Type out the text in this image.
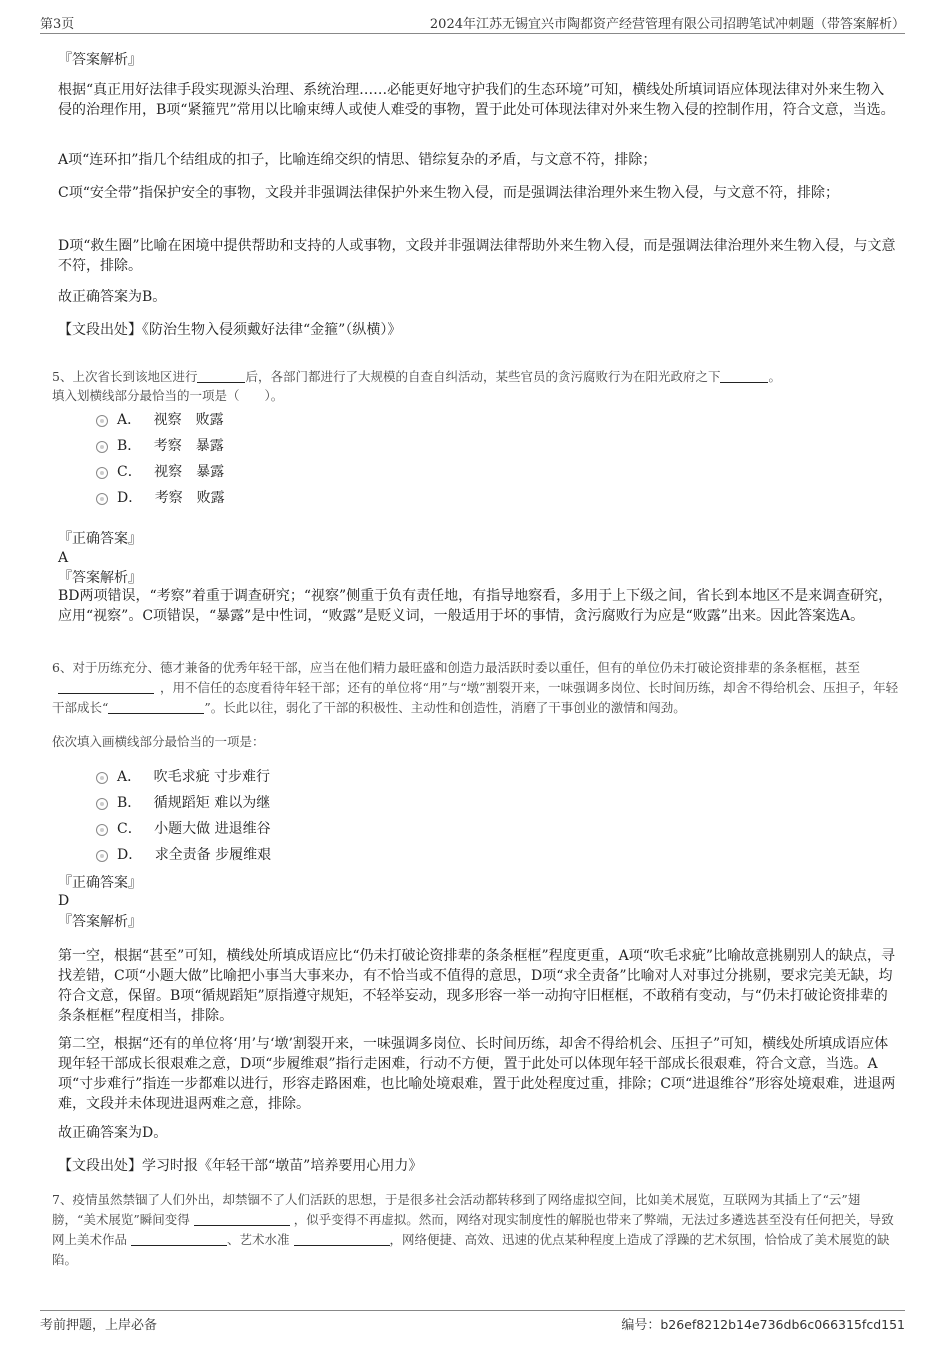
第3页	2024年江苏无锡宜兴市陶都资产经营管理有限公司招聘笔试冲刺题（带答案解析）
『答案解析』
根据“真正用好法律手段实现源头治理、系统治理……必能更好地守护我们的生态环境”可知，横线处所填词语应体现法律对外来生物入侵的治理作用，B项“紧箍咒”常用以比喻束缚人或使人难受的事物，置于此处可体现法律对外来生物入侵的控制作用，符合文意，当选。
A项“连环扣”指几个结组成的扣子，比喻连绵交织的情思、错综复杂的矛盾，与文意不符，排除；
C项“安全带”指保护安全的事物，文段并非强调法律保护外来生物入侵，而是强调法律治理外来生物入侵，与文意不符，排除；
D项“救生圈”比喻在困境中提供帮助和支持的人或事物，文段并非强调法律帮助外来生物入侵，而是强调法律治理外来生物入侵，与文意不符，排除。
故正确答案为B。
【文段出处】《防治生物入侵须戴好法律“金箍”（纵横）》
5、上次省长到该地区进行	后，各部门都进行了大规模的自查自纠活动，某些官员的贪污腐败行为在阳光政府之下	。
填入划横线部分最恰当的一项是（　　）。
A． 视察　败露
B． 考察　暴露
C． 视察　暴露
D． 考察　败露
『正确答案』
A
『答案解析』
BD两项错误，“考察”着重于调查研究；“视察”侧重于负有责任地，有指导地察看，多用于上下级之间，省长到本地区不是来调查研究，应用“视察”。C项错误，“暴露”是中性词，“败露”是贬义词，一般适用于坏的事情，贪污腐败行为应是“败露”出来。因此答案选A。
6、对于历练充分、德才兼备的优秀年轻干部，应当在他们精力最旺盛和创造力最活跃时委以重任，但有的单位仍未打破论资排辈的条条框框，甚至，用不信任的态度看待年轻干部；还有的单位将“用”与“墩”割裂开来，一味强调多岗位、长时间历练，却舍不得给机会、压担子，年轻干部成长“	”。长此以往，弱化了干部的积极性、主动性和创造性，消磨了干事创业的激情和闯劲。
依次填入画横线部分最恰当的一项是：
A． 吹毛求疵 寸步难行
B． 循规蹈矩 难以为继
C． 小题大做 进退维谷
D． 求全责备 步履维艰
『正确答案』
D
『答案解析』
第一空，根据“甚至”可知，横线处所填成语应比“仍未打破论资排辈的条条框框”程度更重，A项“吹毛求疵”比喻故意挑剔别人的缺点，寻找差错，C项“小题大做”比喻把小事当大事来办，有不恰当或不值得的意思，D项“求全责备”比喻对人对事过分挑剔，要求完美无缺，均符合文意，保留。B项“循规蹈矩”原指遵守规矩，不轻举妄动，现多形容一举一动拘守旧框框，不敢稍有变动，与“仍未打破论资排辈的条条框框”程度相当，排除。
第二空，根据“还有的单位将‘用’与‘墩’割裂开来，一味强调多岗位、长时间历练，却舍不得给机会、压担子”可知，横线处所填成语应体现年轻干部成长很艰难之意，D项“步履维艰”指行走困难，行动不方便，置于此处可以体现年轻干部成长很艰难，符合文意，当选。A项“寸步难行”指连一步都难以进行，形容走路困难，也比喻处境艰难，置于此处程度过重，排除；C项“进退维谷”形容处境艰难，进退两难，文段并未体现进退两难之意，排除。
故正确答案为D。
【文段出处】学习时报《年轻干部“墩苗”培养要用心用力》
7、疫情虽然禁锢了人们外出，却禁锢不了人们活跃的思想，于是很多社会活动都转移到了网络虚拟空间，比如美术展览，互联网为其插上了“云”翅膀，“美术展览”瞬间变得	，似乎变得不再虚拟。然而，网络对现实制度性的解脱也带来了弊端，无法过多遴选甚至没有任何把关，导致网上美术作品	、艺术水准	，网络便捷、高效、迅速的优点某种程度上造成了浮躁的艺术氛围，恰恰成了美术展览的缺陷。
考前押题，上岸必备	编号：b26ef8212b14e736db6c066315fcd151
